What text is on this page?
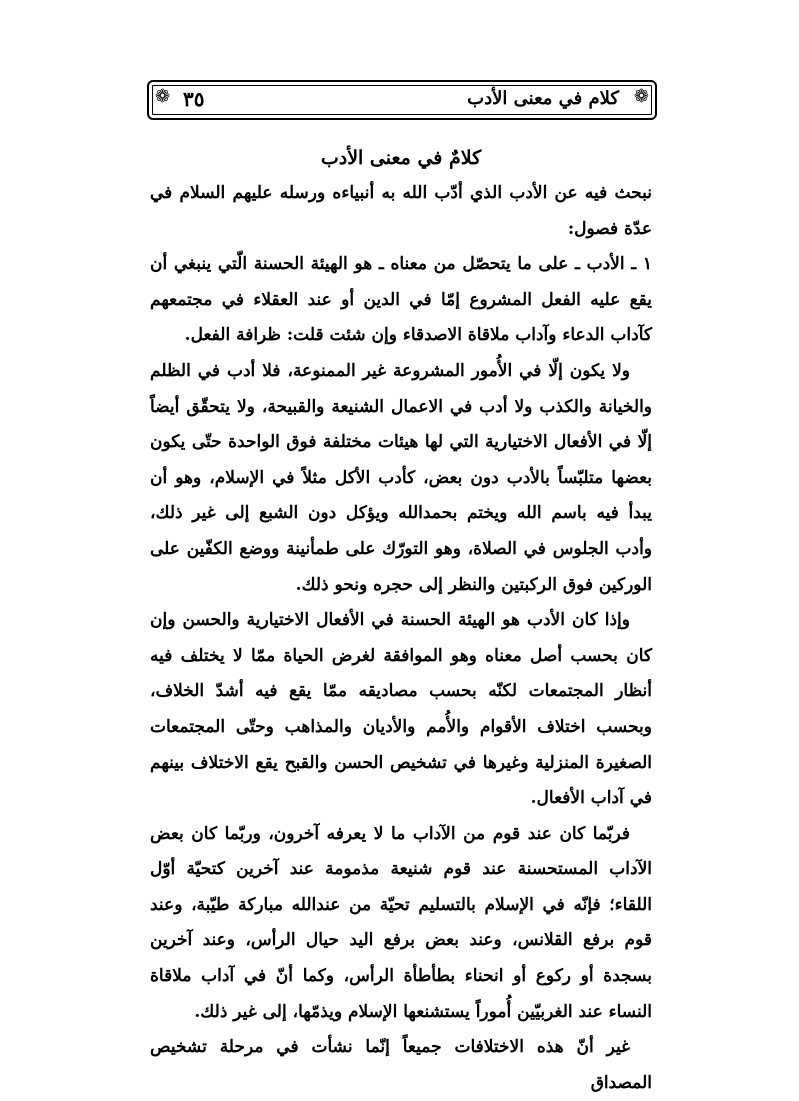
❁
كلام في معنى الأدب
٣٥
❁
كلامٌ في معنى الأدب

نبحث فيه عن الأدب الذي أدّب الله به أنبياءه ورسله عليهم السلام في عدّة فصول:

١ ـ الأدب ـ على ما يتحصّل من معناه ـ هو الهيئة الحسنة الّتي ينبغي أن يقع عليه الفعل المشروع إمّا في الدين أو عند العقلاء في مجتمعهم كآداب الدعاء وآداب ملاقاة الاصدقاء وإن شئت قلت: ظرافة الفعل.

ولا يكون إلّا في الأُمور المشروعة غير الممنوعة، فلا أدب في الظلم والخيانة والكذب ولا أدب في الاعمال الشنيعة والقبيحة، ولا يتحقّق أيضاً إلّا في الأفعال الاختيارية التي لها هيئات مختلفة فوق الواحدة حتّى يكون بعضها متلبّساً بالأدب دون بعض، كأدب الأكل مثلاً في الإسلام، وهو أن يبدأ فيه باسم الله ويختم بحمدالله ويؤكل دون الشبع إلى غير ذلك، وأدب الجلوس في الصلاة، وهو التورّك على طمأنينة ووضع الكفّين على الوركين فوق الركبتين والنظر إلى حجره ونحو ذلك.

وإذا كان الأدب هو الهيئة الحسنة في الأفعال الاختيارية والحسن وإن كان بحسب أصل معناه وهو الموافقة لغرض الحياة ممّا لا يختلف فيه أنظار المجتمعات لكنّه بحسب مصاديقه ممّا يقع فيه أشدّ الخلاف، وبحسب اختلاف الأقوام والأُمم والأديان والمذاهب وحتّى المجتمعات الصغيرة المنزلية وغيرها في تشخيص الحسن والقبح يقع الاختلاف بينهم في آداب الأفعال.

فربّما كان عند قوم من الآداب ما لا يعرفه آخرون، وربّما كان بعض الآداب المستحسنة عند قوم شنيعة مذمومة عند آخرين كتحيّة أوّل اللقاء؛ فإنّه في الإسلام بالتسليم تحيّة من عندالله مباركة طيّبة، وعند قوم برفع القلانس، وعند بعض برفع اليد حيال الرأس، وعند آخرين بسجدة أو ركوع أو انحناء بطأطأة الرأس، وكما أنّ في آداب ملاقاة النساء عند الغربيّين أُموراً يستشنعها الإسلام ويذمّها، إلى غير ذلك.

غير أنّ هذه الاختلافات جميعاً إنّما نشأت في مرحلة تشخيص المصداق
